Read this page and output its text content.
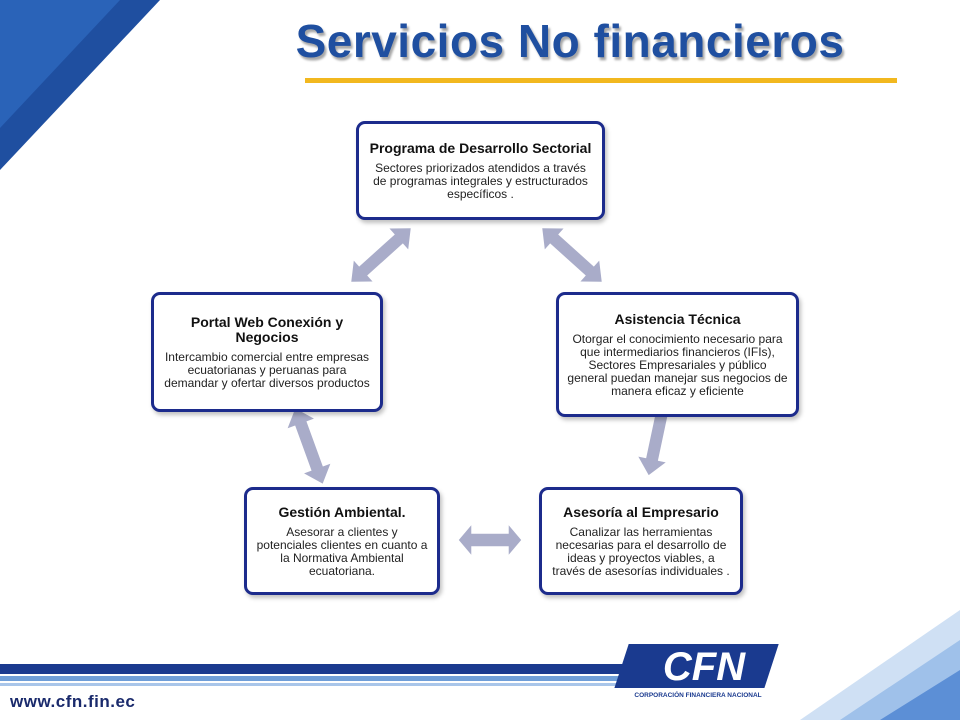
Servicios No financieros
Programa de Desarrollo Sectorial
Sectores priorizados atendidos a través de programas integrales y estructurados específicos .
Asistencia Técnica
Otorgar el conocimiento necesario para que intermediarios financieros (IFIs), Sectores Empresariales y público general puedan manejar sus negocios de manera eficaz y eficiente
Asesoría al Empresario
Canalizar las herramientas necesarias para el desarrollo de ideas y proyectos viables, a través de asesorías individuales .
Gestión Ambiental.
Asesorar a clientes y potenciales clientes en cuanto a la Normativa Ambiental ecuatoriana.
Portal Web Conexión y Negocios
Intercambio comercial entre empresas ecuatorianas y peruanas para demandar y ofertar diversos productos
CFN
CORPORACIÓN FINANCIERA NACIONAL
www.cfn.fin.ec
